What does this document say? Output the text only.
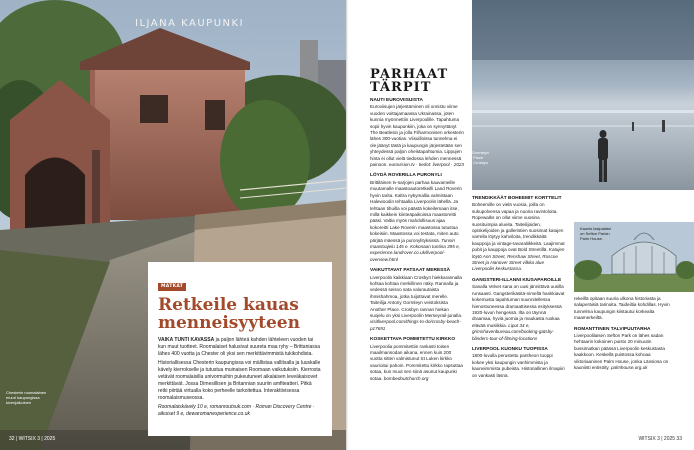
ILJANA KAUPUNKI
MATKAT
Retkeile kauas menneisyyteen

VAIKA TUNTI KAVASSA ja paljon lähteä kahden lähteleen vuoden tai kun muut tuotteet. Roomalaiset halusivat suureta maa ryhy – Brittaniassa lähes 400 vuotta ja Chester oli yksi sen merkittävimmistä tukikohdista.

Historiallisessa Chesterin kaupungissa voi mällistaa vallitsalla ja luuskalle kävely kierrokselle ja tutustua muinaisen Roomaan vaikutuksiin. Kierrosta vetävät roomalaisilla univormuihin pukeutuneet aikalaisen leveäkaisovet merkittävät. Jossa Dimesillisen ja Britannian suuriin amfiteatteri. Pitkä retki piirtää virtualla koko perheelle tarkoitettua. Interaktiivisessa roomalaismuseossa.

Roomalaiskävely 10 e, romanroutsuk.com · Roman Discovery Centre · aikuiset 9 e, dewaromanexperience.co.uk

Chesterin roomalainen muuri kaupungissa kivenjalkoinen
32 | WITSIX 3 | 2025
Antony Gormleyn Another Place patsaita Crosbyn rannalla
PARHAAT
TÄRPIT
NAUTI EUROVIISUISTA

Euroviisujen järjestäminen oli onnistu viime vuoden voittajamaassa Ukrainassa, joten kunnia myönnettiin Liverpoolille. Tapahtuma sopii hyvin kaupunkiin, joka on synnyttänyt The Beatlesin ja jolla Filharmonisen orkesterin lähes 300-vuotias. Viisuilloissa tunnelma ei ole jäänyt tästä ja kaupungin järjestetään sen yhteydessä paljon oheistapahtumia. Lippujen hinta ei ollut vielä tiedossa lehden mennessä painoon. eurovision.tv · tiedot: liverpool · 2023

LÖYDÄ ROVERILLA PURONYLI

Brittiläinen tv-sarjojen parhaa kauvameille muutamalle maastoautoretkeilli Land Roverin hyvin tarita. Kaltra nykymallia valmistaan Halewoodin tehtaalla Liverpoolin lähellä. Ja tehtaan tihuilla voi päästä kokeilemaan itse, millä kaikkein kiinteäpaikoissa maastoreitti pääsi. Valtia myös mahdollisuus ajaa kokoreitti Lake Roverin maastossa tutustua kokeisiin. Maastossa voi testata, miten auto pärjää mäessä ja puronylityksissä. Tunnin maastoajelu 145 e. Kokonaan tuntina 395 e, experience.landrover.co.uk/liverpool-overview.html

VAIKUTTAVAT PATSAAT MERESSÄ

Liverpoolin kaikkiaan Crosbyn hiekkarannalla kohtaa kohtaa merkillinen näky. Rannalla ja vedessä seisoo sata valurautaista ihmishahmoa, jotka tuijottavat merelle. Taiteilija Antony Gormleyn veistoksista Another Place. Crosbyn rannan hiekan suojelu on yksi Liverpoolin Merseyrail-junalla. visitliverpool.com/things-to-do/crosby-beach-p17691

KOSKETTAVA POMMITETTU KIRKKO

Liverpoolia pommitettiin rankasti toisen maailmansodan aikana, ennen kuin 200 vuotta sitten valmistunut St Luken kirkko vaurioitui pahoin. Pommitettu kirkko rapsuttaa sotaa, kun muut sen siinä asunut kaupunki sotaa. bombedoutchurch.org

TRENDIKKÄÄT BOHEEMIT KORTTELIT

Boheemille on vielä vuosia, joilla on sukupolvensa vapaa ja nuoria ravintoloita. Ropewalks on ollut viime vuosina suosituimpia alueita. Taiteilijoiden, opiskelijoiden ja galleristien suosimat katujen varrella löytyy kahviloita, trendikkäitä kauppoja ja vintage-tavaraliikkeitä. Laajimmat pubit ja kauppoja ovat Bold Streetillä. Katujen löytö Ann Street, Renshaw Street, Roscoe Street ja Hanover Street vilkka alue Liverpoolin keskustassa.

GANGSTERI-ILLANNI KIUSAPAROILLE

Sanalla Velvet sana on uusi jännittävä uusilla runsaasti. Gangsterikäsitä-nimellä hankkiavat kokemusta tapahtuman suunnitellessa hienostuneessa dramaattisessa esityksessä 1920-luvun hengessä. Ilta on täynnä draamaa, hyviä juomia ja maukasta ruokaa elävää musiikkia. Liput 34 e, grimshavenbureau.com/booking-gatsby-blinders-tour-of-filming-locations

LIVERPOOL KUONKU TUOPISSA

1800-luvulla perustettu pantheon tuoppi kokee yksi kaupungin vanhimmista ja kauneimmista pubeista. Historiallinen ilmapiiri on vankasti läsnä.

Kaunis lasipalatsi on Sefton Parkin Palm House.

rekeillä opitaan suuria ulkona historiasta ja salaperäisiä tarinoita. Taideiltia kohdillas. Hyvin tunnelma kaupungin kiistautui korkealta maamerkeiltä.

ROMANTTINEN TALVIPUUTARHA

Liverpoolilaisen Sefton Park on lähes sadan hehtaarin kokoinen puisto 20 minuutin bussimatkan päässä Liverpoolin keskustasta kaakkoon. Keskellä puistossa kohoaa viktoriaaninen Palm House, jonka Länsiosa on kauniisti entisöity. palmhouse.org.uk

WITSIX 3 | 2025 33
